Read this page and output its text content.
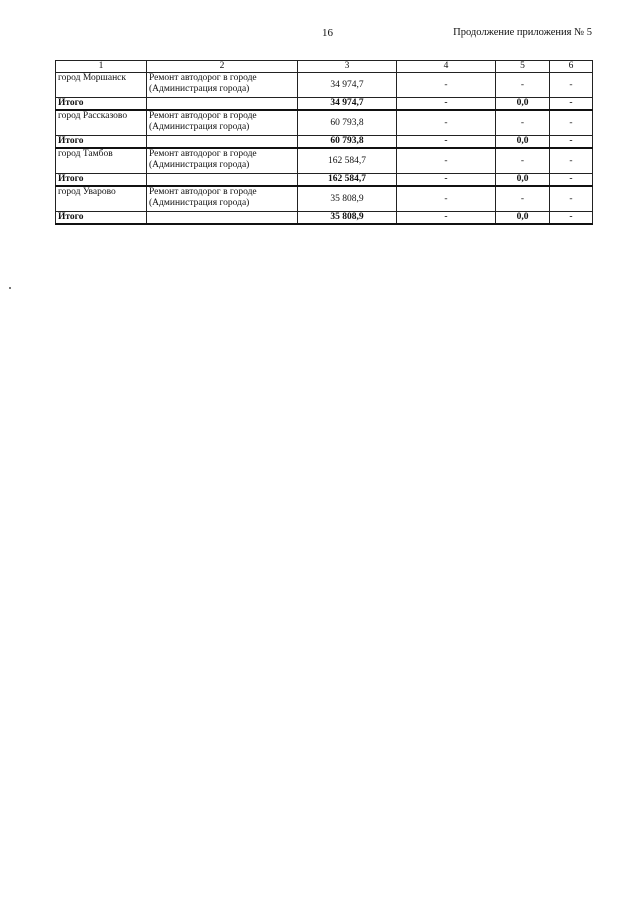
16	Продолжение приложения № 5
1	2	3	4	5	6
город Моршанск	Ремонт автодорог в городе (Администрация города)	34 974,7	-	-	-
Итого		34 974,7	-	0,0	-
город Рассказово	Ремонт автодорог в городе (Администрация города)	60 793,8	-	-	-
Итого		60 793,8	-	0,0	-
город Тамбов	Ремонт автодорог в городе (Администрация города)	162 584,7	-	-	-
Итого		162 584,7	-	0,0	-
город Уварово	Ремонт автодорог в городе (Администрация города)	35 808,9	-	-	-
Итого		35 808,9	-	0,0	-
